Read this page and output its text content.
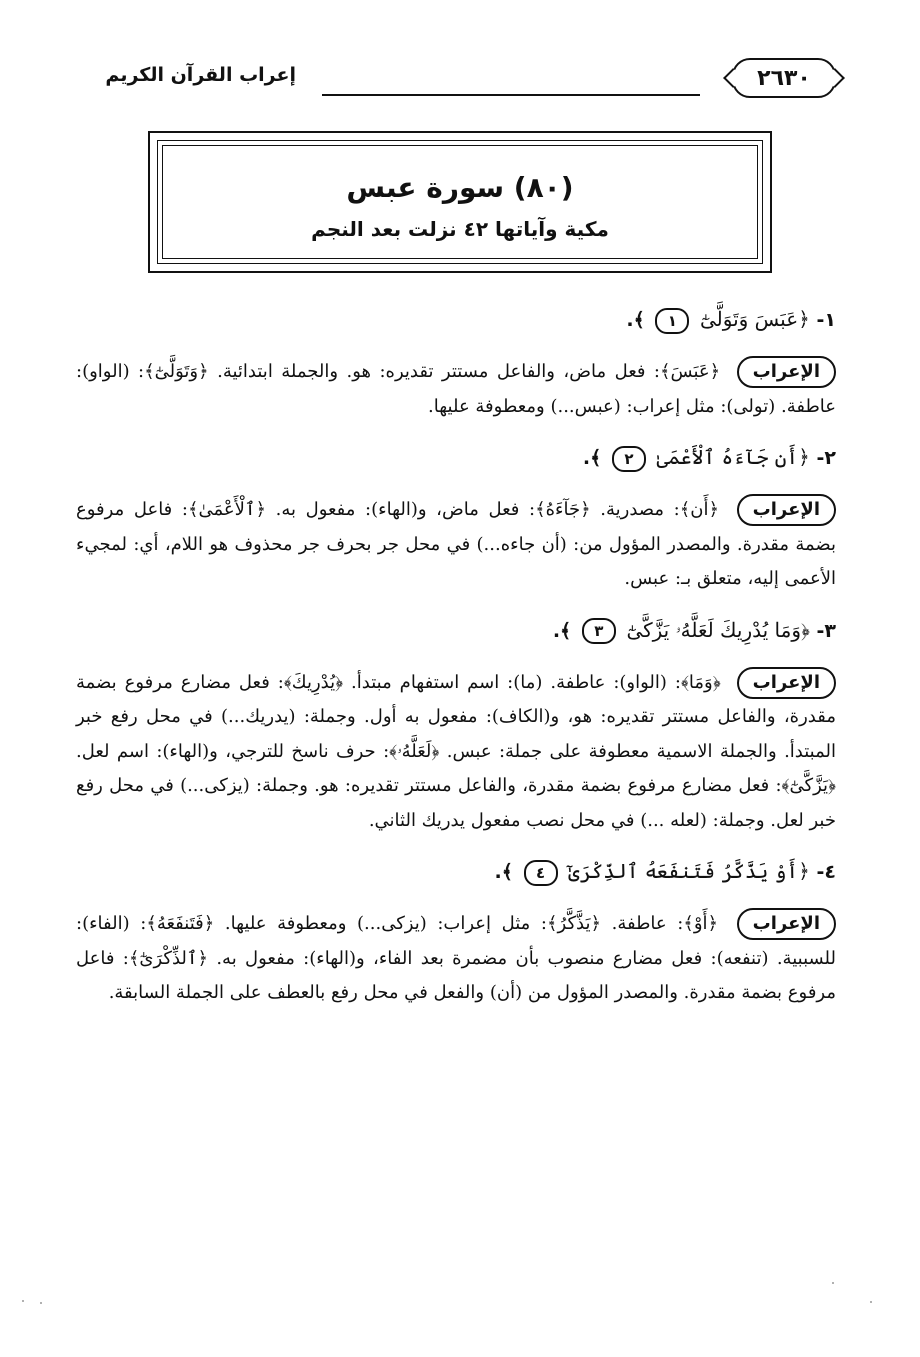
٢٦٣٠
إعراب القرآن الكريم
(٨٠) سورة عبس
مكية وآياتها ٤٢ نزلت بعد النجم
١- ﴿عَبَسَ وَتَوَلَّىٰٓ ١ ﴾.
الإعراب ﴿عَبَسَ﴾: فعل ماض، والفاعل مستتر تقديره: هو. والجملة ابتدائية. ﴿وَتَوَلَّىٰٓ﴾: (الواو): عاطفة. (تولى): مثل إعراب: (عبس...) ومعطوفة عليها.
٢- ﴿أَن جَآءَهُ ٱلْأَعْمَىٰ ٢ ﴾.
الإعراب ﴿أَن﴾: مصدرية. ﴿جَآءَهُ﴾: فعل ماض، و(الهاء): مفعول به. ﴿ٱلْأَعْمَىٰ﴾: فاعل مرفوع بضمة مقدرة. والمصدر المؤول من: (أن جاءه...) في محل جر بحرف جر محذوف هو اللام، أي: لمجيء الأعمى إليه، متعلق بـ: عبس.
٣- ﴿وَمَا يُدْرِيكَ لَعَلَّهُۥ يَزَّكَّىٰٓ ٣ ﴾.
الإعراب ﴿وَمَا﴾: (الواو): عاطفة. (ما): اسم استفهام مبتدأ. ﴿يُدْرِيكَ﴾: فعل مضارع مرفوع بضمة مقدرة، والفاعل مستتر تقديره: هو، و(الكاف): مفعول به أول. وجملة: (يدريك...) في محل رفع خبر المبتدأ. والجملة الاسمية معطوفة على جملة: عبس. ﴿لَعَلَّهُۥ﴾: حرف ناسخ للترجي، و(الهاء): اسم لعل. ﴿يَزَّكَّىٰٓ﴾: فعل مضارع مرفوع بضمة مقدرة، والفاعل مستتر تقديره: هو. وجملة: (يزكى...) في محل رفع خبر لعل. وجملة: (لعله ...) في محل نصب مفعول يدريك الثاني.
٤- ﴿أَوْ يَذَّكَّرُ فَتَنفَعَهُ ٱلذِّكْرَىٰٓ ٤ ﴾.
الإعراب ﴿أَوْ﴾: عاطفة. ﴿يَذَّكَّرُ﴾: مثل إعراب: (يزكى...) ومعطوفة عليها. ﴿فَتَنفَعَهُ﴾: (الفاء): للسببية. (تنفعه): فعل مضارع منصوب بأن مضمرة بعد الفاء، و(الهاء): مفعول به. ﴿ٱلذِّكْرَىٰٓ﴾: فاعل مرفوع بضمة مقدرة. والمصدر المؤول من (أن) والفعل في محل رفع بالعطف على الجملة السابقة.
